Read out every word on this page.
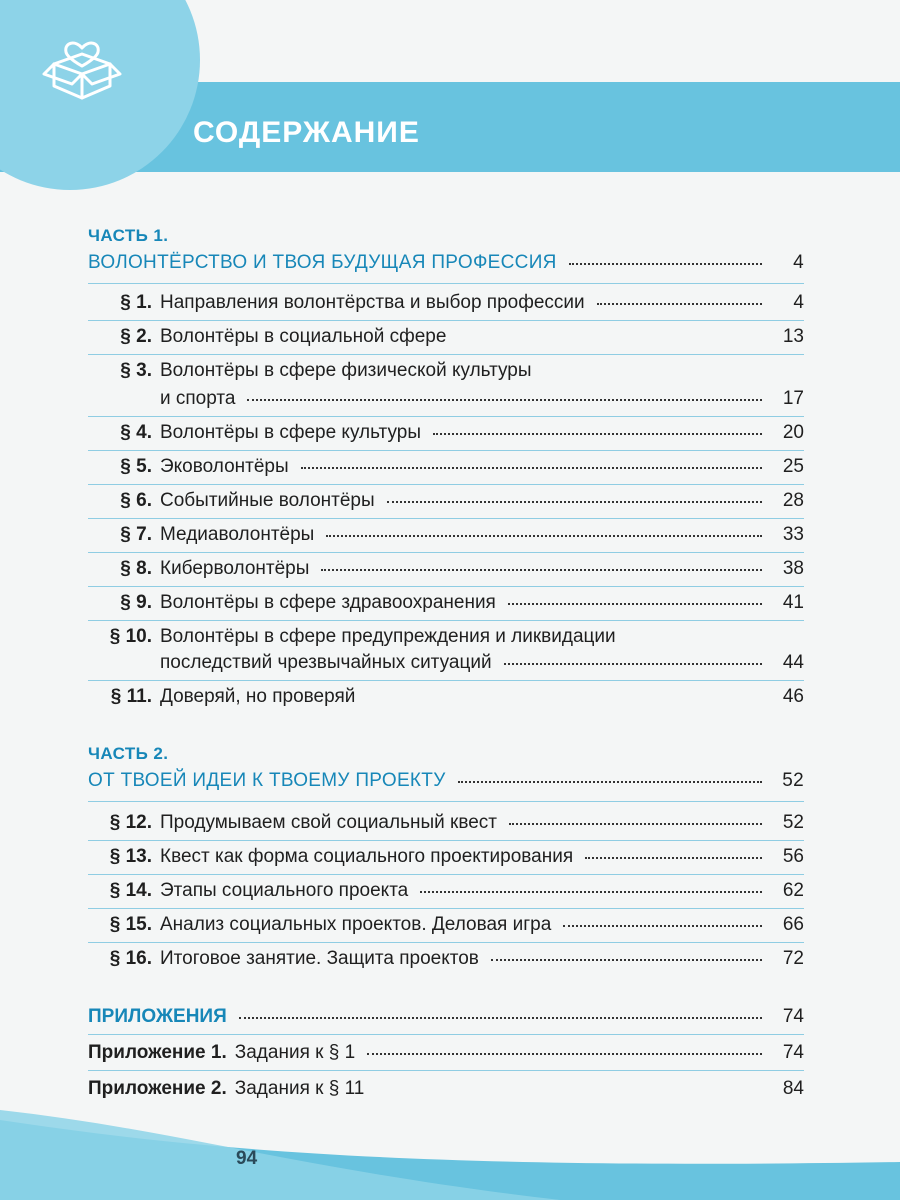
СОДЕРЖАНИЕ
ЧАСТЬ 1.
ВОЛОНТЁРСТВО И ТВОЯ БУДУЩАЯ ПРОФЕССИЯ	4
§ 1. Направления волонтёрства и выбор профессии	4
§ 2. Волонтёры в социальной сфере	13
§ 3. Волонтёры в сфере физической культуры
и спорта	17
§ 4. Волонтёры в сфере культуры	20
§ 5. Эковолонтёры	25
§ 6. Событийные волонтёры	28
§ 7. Медиаволонтёры	33
§ 8. Киберволонтёры	38
§ 9. Волонтёры в сфере здравоохранения	41
§ 10. Волонтёры в сфере предупреждения и ликвидации
последствий чрезвычайных ситуаций	44
§ 11. Доверяй, но проверяй	46
ЧАСТЬ 2.
ОТ ТВОЕЙ ИДЕИ К ТВОЕМУ ПРОЕКТУ	52
§ 12. Продумываем свой социальный квест	52
§ 13. Квест как форма социального проектирования	56
§ 14. Этапы социального проекта	62
§ 15. Анализ социальных проектов. Деловая игра	66
§ 16. Итоговое занятие. Защита проектов	72
ПРИЛОЖЕНИЯ	74
Приложение 1. Задания к § 1	74
Приложение 2. Задания к § 11	84
94
